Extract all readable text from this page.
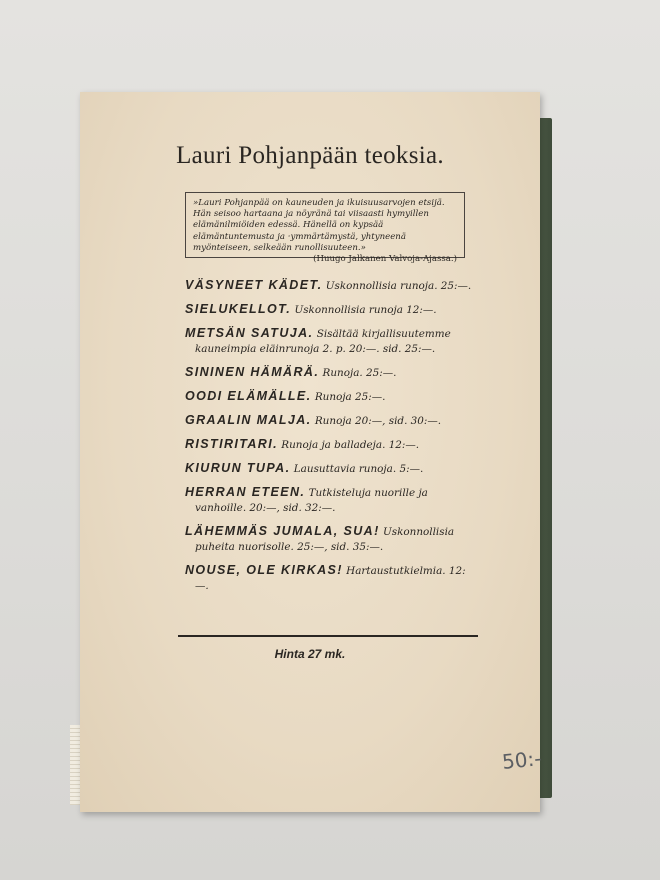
Lauri Pohjanpään teoksia.
»Lauri Pohjanpää on kauneuden ja ikuisuusarvojen etsijä. Hän seisoo hartaana ja nöyränä tai viisaasti hymyillen elämänilmiöiden edessä. Hänellä on kypsää elämäntuntemusta ja ·ymmärtämystä, yhtyneenä myönteiseen, selkeään runollisuuteen.»
(Huugo Jalkanen Valvoja-Ajassa.)
VÄSYNEET KÄDET. Uskonnollisia runoja. 25:—.
SIELUKELLOT. Uskonnollisia runoja 12:—.
METSÄN SATUJA. Sisältää kirjallisuutemme kauneimpia eläinrunoja 2. p. 20:—. sid. 25:—.
SININEN HÄMÄRÄ. Runoja. 25:—.
OODI ELÄMÄLLE. Runoja 25:—.
GRAALIN MALJA. Runoja 20:—, sid. 30:—.
RISTIRITARI. Runoja ja balladeja. 12:—.
KIURUN TUPA. Lausuttavia runoja. 5:—.
HERRAN ETEEN. Tutkisteluja nuorille ja vanhoille. 20:—, sid. 32:—.
LÄHEMMÄS JUMALA, SUA! Uskonnollisia puheita nuorisolle. 25:—, sid. 35:—.
NOUSE, OLE KIRKAS! Hartaustutkielmia. 12:—.
Hinta 27 mk.
50:-
